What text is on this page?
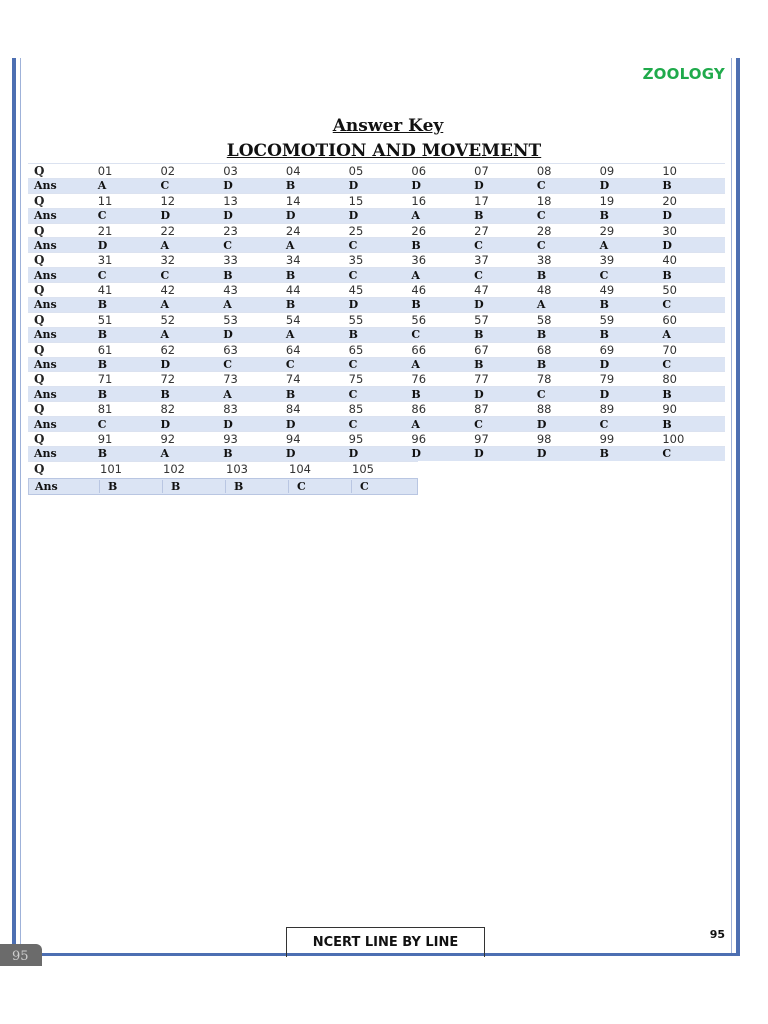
ZOOLOGY
Answer Key
LOCOMOTION AND MOVEMENT
Q	01	02	03	04	05	06	07	08	09	10
Ans	A	C	D	B	D	D	D	C	D	B
Q	11	12	13	14	15	16	17	18	19	20
Ans	C	D	D	D	D	A	B	C	B	D
Q	21	22	23	24	25	26	27	28	29	30
Ans	D	A	C	A	C	B	C	C	A	D
Q	31	32	33	34	35	36	37	38	39	40
Ans	C	C	B	B	C	A	C	B	C	B
Q	41	42	43	44	45	46	47	48	49	50
Ans	B	A	A	B	D	B	D	A	B	C
Q	51	52	53	54	55	56	57	58	59	60
Ans	B	A	D	A	B	C	B	B	B	A
Q	61	62	63	64	65	66	67	68	69	70
Ans	B	D	C	C	C	A	B	B	D	C
Q	71	72	73	74	75	76	77	78	79	80
Ans	B	B	A	B	C	B	D	C	D	B
Q	81	82	83	84	85	86	87	88	89	90
Ans	C	D	D	D	C	A	C	D	C	B
Q	91	92	93	94	95	96	97	98	99	100
Ans	B	A	B	D	D	D	D	D	B	C
Q	101	102	103	104	105
Ans	B	B	B	C	C
NCERT LINE BY LINE
95
95
